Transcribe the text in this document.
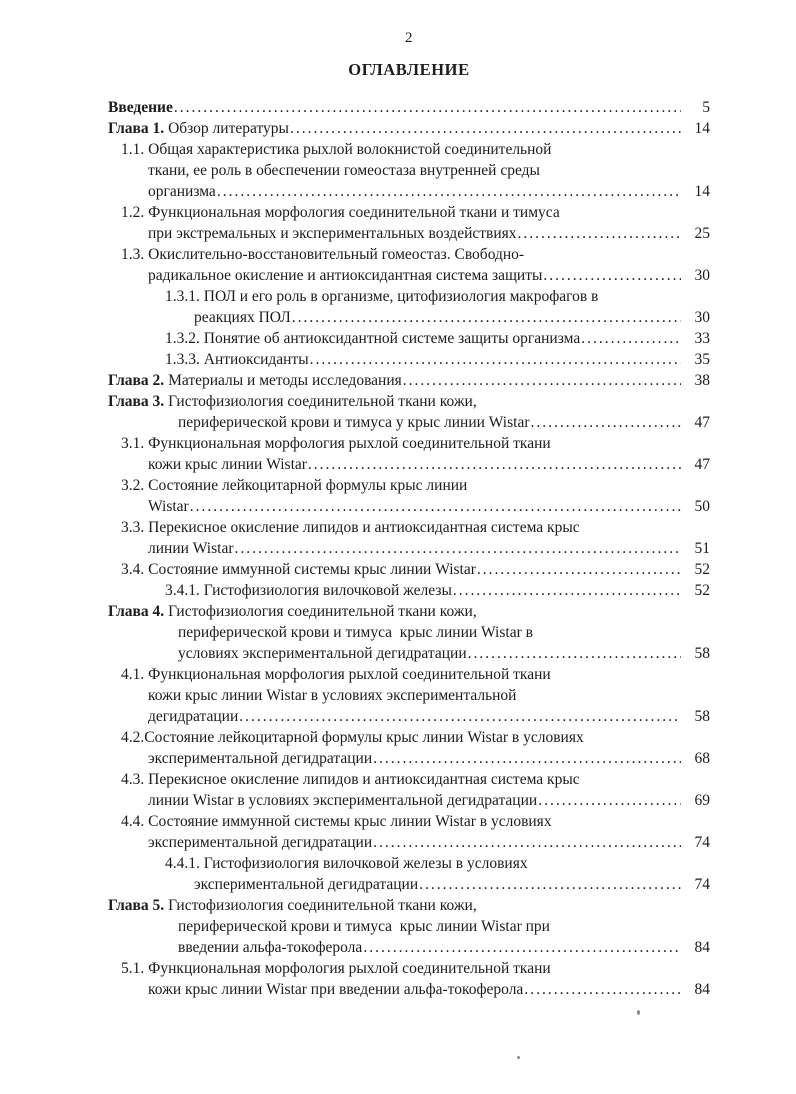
2
ОГЛАВЛЕНИЕ
Введение .....	5
Глава 1. Обзор литературы .....	14
1.1. Общая характеристика рыхлой волокнистой соединительной
ткани, ее роль в обеспечении гомеостаза внутренней среды
организма .....	14
1.2. Функциональная морфология соединительной ткани и тимуса
при экстремальных и экспериментальных воздействиях .....	25
1.3. Окислительно-восстановительный гомеостаз. Свободно-
радикальное окисление и антиоксидантная система защиты .....	30
1.3.1. ПОЛ и его роль в организме, цитофизиология макрофагов в
реакциях ПОЛ .....	30
1.3.2. Понятие об антиоксидантной системе защиты организма .....	33
1.3.3. Антиоксиданты .....	35
Глава 2. Материалы и методы исследования .....	38
Глава 3. Гистофизиология соединительной ткани кожи,
периферической крови и тимуса у крыс линии Wistar .....	47
3.1. Функциональная морфология рыхлой соединительной ткани
кожи крыс линии Wistar .....	47
3.2. Состояние лейкоцитарной формулы крыс линии
Wistar .....	50
3.3. Перекисное окисление липидов и антиоксидантная система крыс
линии Wistar .....	51
3.4. Состояние иммунной системы крыс линии Wistar .....	52
3.4.1. Гистофизиология вилочковой железы .....	52
Глава 4. Гистофизиология соединительной ткани кожи,
периферической крови и тимуса  крыс линии Wistar в
условиях экспериментальной дегидратации .....	58
4.1. Функциональная морфология рыхлой соединительной ткани
кожи крыс линии Wistar в условиях экспериментальной
дегидратации .....	58
4.2.Состояние лейкоцитарной формулы крыс линии Wistar в условиях
экспериментальной дегидратации .....	68
4.3. Перекисное окисление липидов и антиоксидантная система крыс
линии Wistar в условиях экспериментальной дегидратации .....	69
4.4. Состояние иммунной системы крыс линии Wistar в условиях
экспериментальной дегидратации .....	74
4.4.1. Гистофизиология вилочковой железы в условиях
экспериментальной дегидратации .....	74
Глава 5. Гистофизиология соединительной ткани кожи,
периферической крови и тимуса  крыс линии Wistar при
введении альфа-токоферола .....	84
5.1. Функциональная морфология рыхлой соединительной ткани
кожи крыс линии Wistar при введении альфа-токоферола .....	84
